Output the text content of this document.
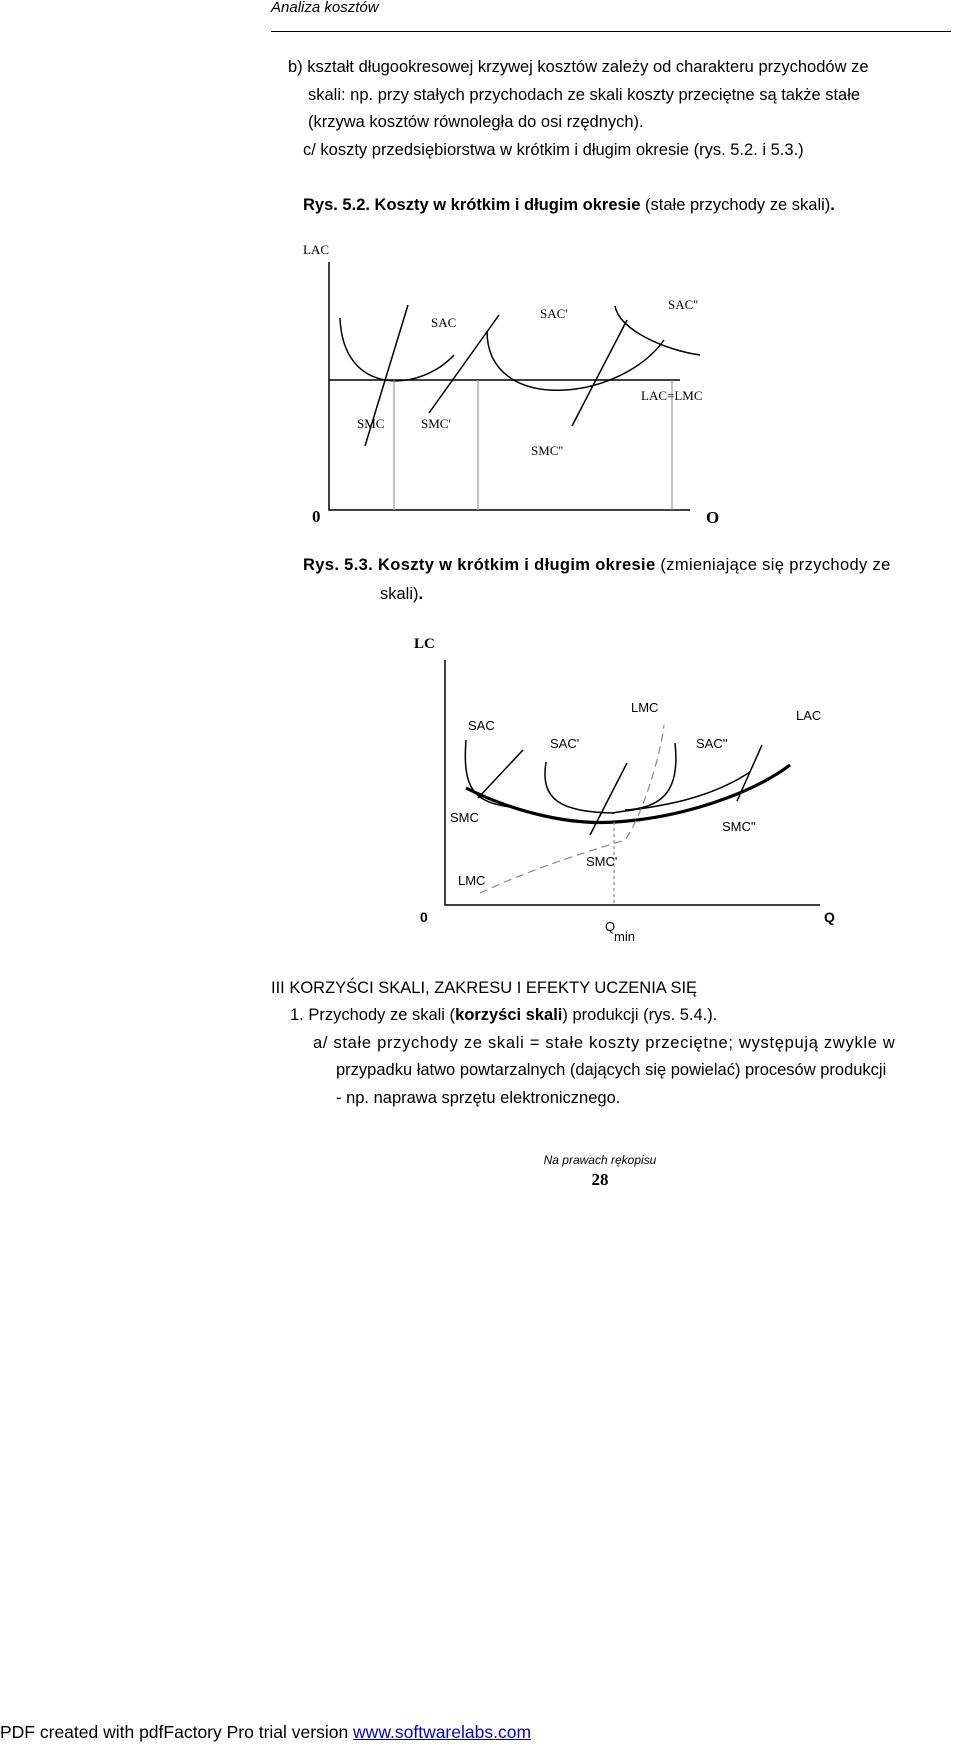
Analiza kosztów
b) kształt długookresowej krzywej kosztów zależy od charakteru przychodów ze
skali: np. przy stałych przychodach ze skali koszty przeciętne są także stałe
(krzywa kosztów równoległa do osi rzędnych).
c/ koszty przedsiębiorstwa w krótkim i długim okresie (rys. 5.2. i 5.3.)
Rys. 5.2. Koszty w krótkim i długim okresie (stałe przychody ze skali).
LAC
SAC
SAC'
SAC''
LAC=LMC
SMC	SMC'
SMC''
0	O
Rys. 5.3. Koszty w krótkim i długim okresie (zmieniające się przychody ze
skali).
LC
SAC
SAC'	SAC''
LMC
LAC
SMC
SMC''
SMC'
LMC
0
Q
min
Q
III KORZYŚCI SKALI, ZAKRESU I EFEKTY UCZENIA SIĘ
1. Przychody ze skali (korzyści skali) produkcji (rys. 5.4.).
a/ stałe przychody ze skali = stałe koszty przeciętne; występują zwykle w
przypadku łatwo powtarzalnych (dających się powielać) procesów produkcji
- np. naprawa sprzętu elektronicznego.
Na prawach rękopisu
28
PDF created with pdfFactory Pro trial version www.softwarelabs.com
